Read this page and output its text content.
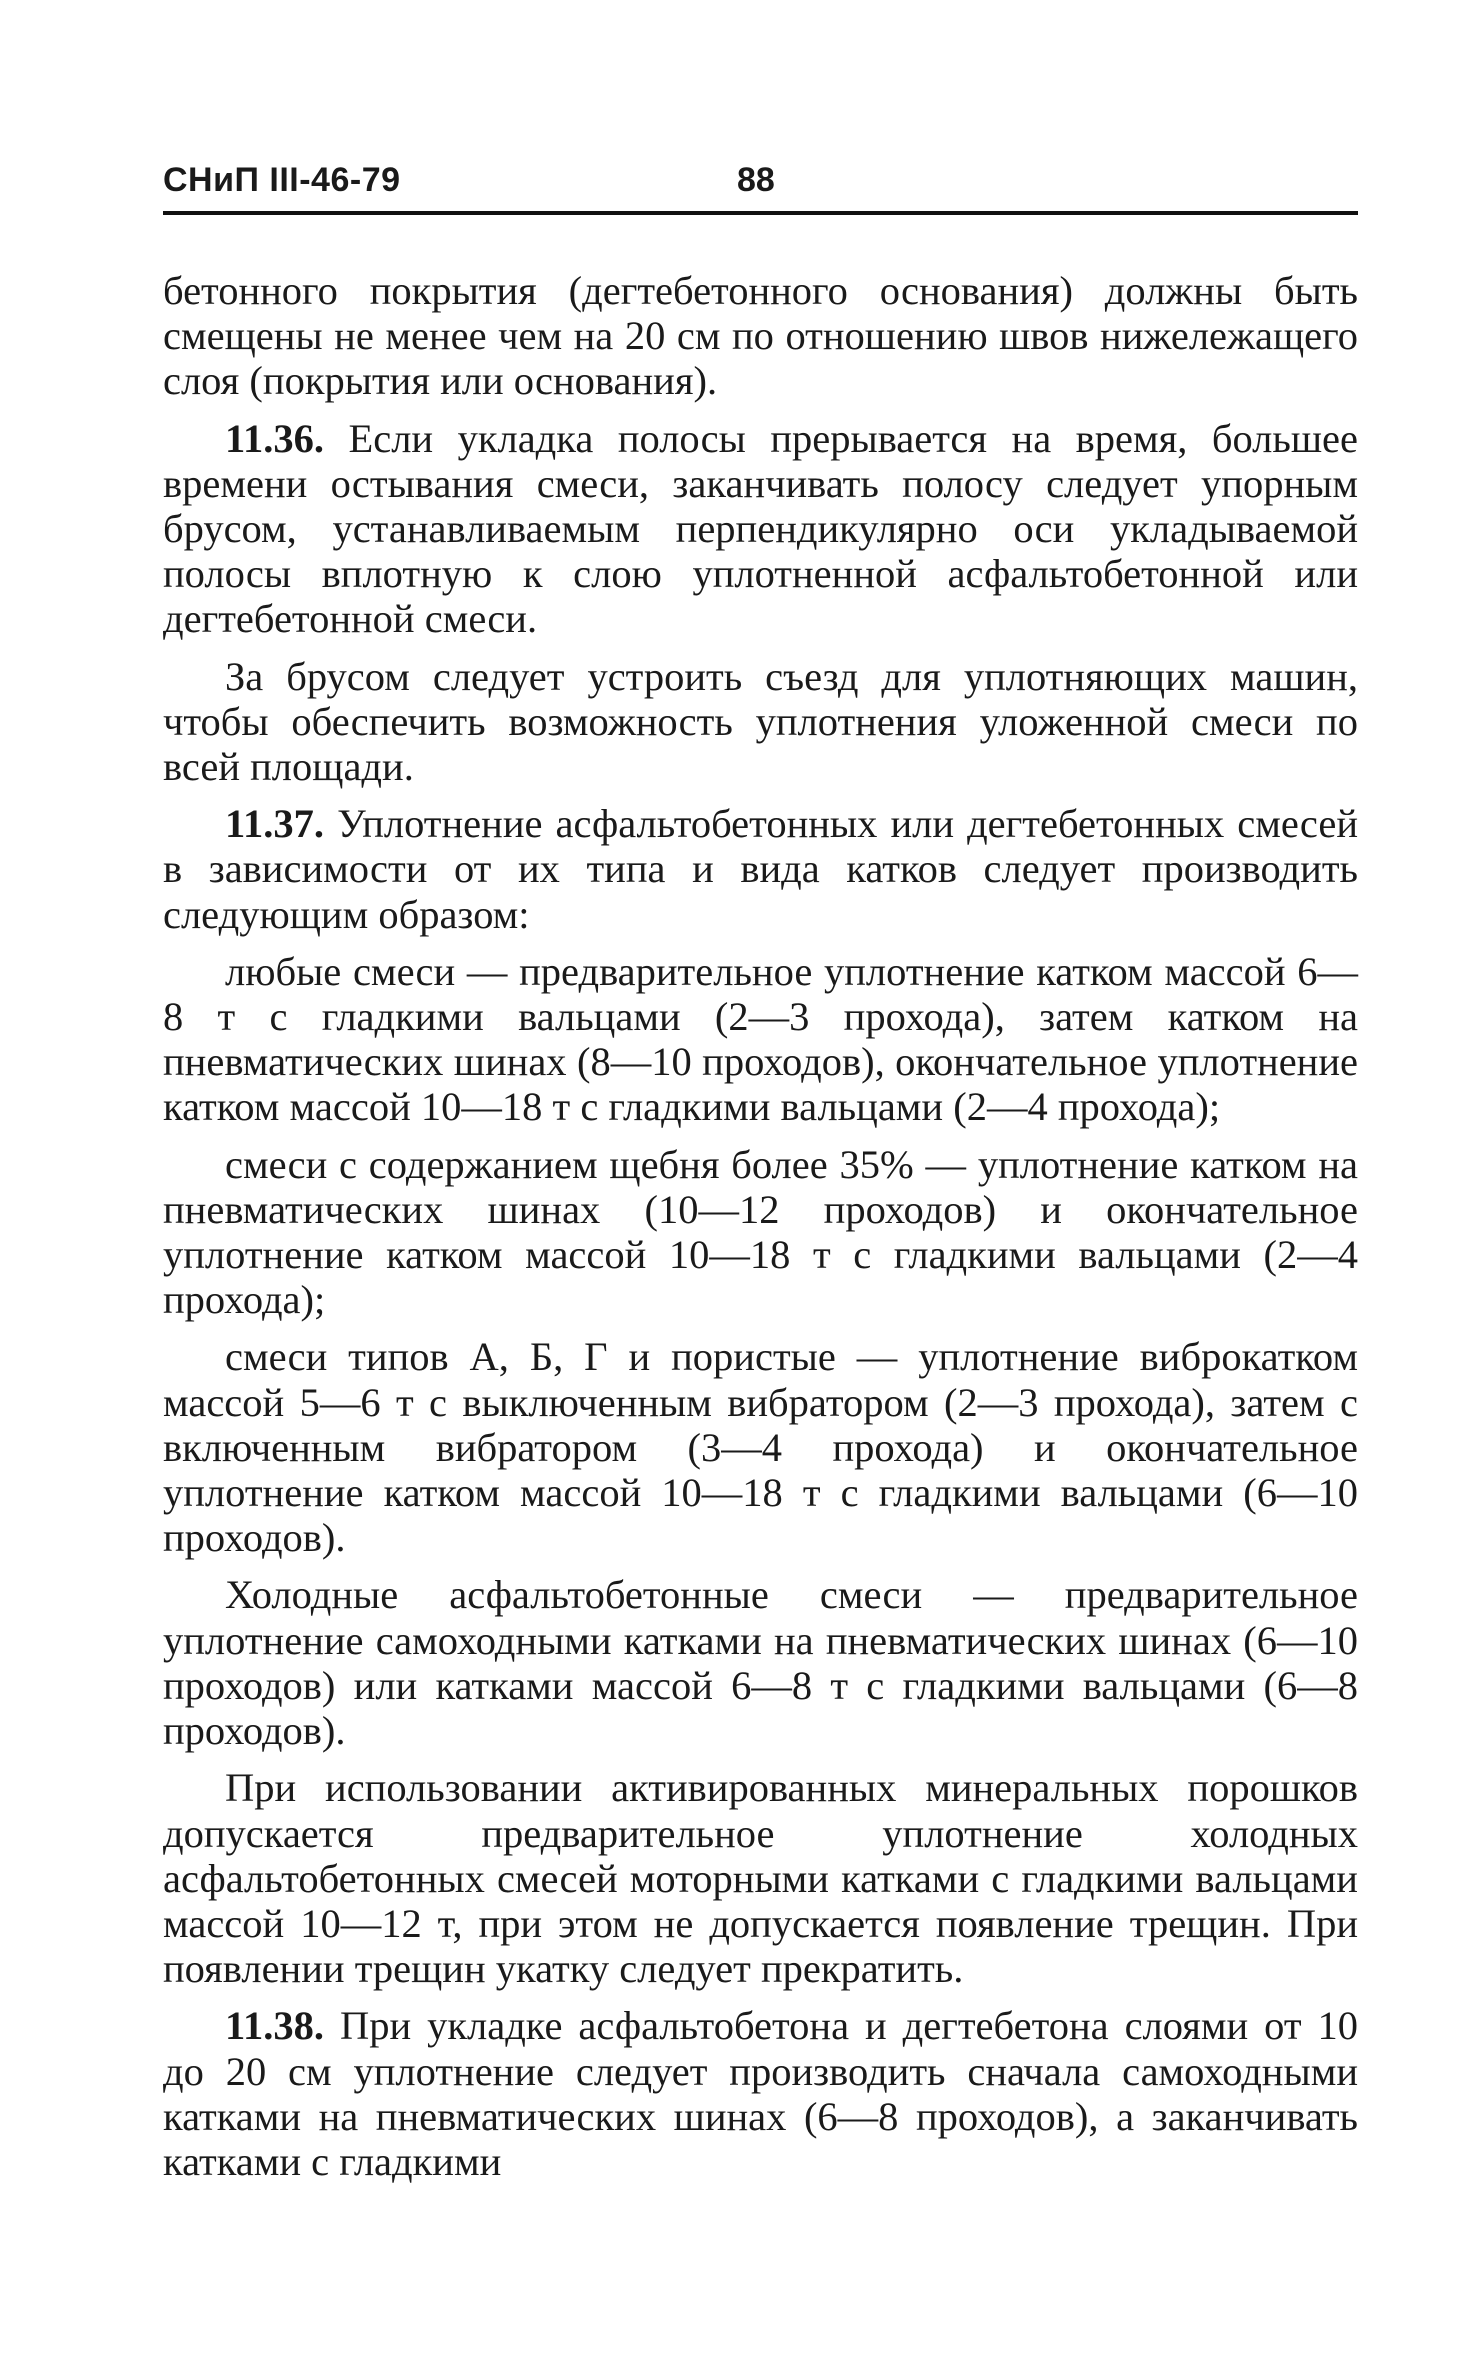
СНиП III-46-79	88

бетонного покрытия (дегтебетонного основания) должны быть смещены не менее чем на 20 см по отношению швов нижележащего слоя (покрытия или основания).

11.36. Если укладка полосы прерывается на время, большее времени остывания смеси, заканчивать полосу следует упорным брусом, устанавливаемым перпендикулярно оси укладываемой полосы вплотную к слою уплотненной асфальтобетонной или дегтебетонной смеси.

За брусом следует устроить съезд для уплотняющих машин, чтобы обеспечить возможность уплотнения уложенной смеси по всей площади.

11.37. Уплотнение асфальтобетонных или дегтебетонных смесей в зависимости от их типа и вида катков следует производить следующим образом:

любые смеси — предварительное уплотнение катком массой 6—8 т с гладкими вальцами (2—3 прохода), затем катком на пневматических шинах (8—10 проходов), окончательное уплотнение катком массой 10—18 т с гладкими вальцами (2—4 прохода);

смеси с содержанием щебня более 35% — уплотнение катком на пневматических шинах (10—12 проходов) и окончательное уплотнение катком массой 10—18 т с гладкими вальцами (2—4 прохода);

смеси типов А, Б, Г и пористые — уплотнение виброкатком массой 5—6 т с выключенным вибратором (2—3 прохода), затем с включенным вибратором (3—4 прохода) и окончательное уплотнение катком массой 10—18 т с гладкими вальцами (6—10 проходов).

Холодные асфальтобетонные смеси — предварительное уплотнение самоходными катками на пневматических шинах (6—10 проходов) или катками массой 6—8 т с гладкими вальцами (6—8 проходов).

При использовании активированных минеральных порошков допускается предварительное уплотнение холодных асфальтобетонных смесей моторными катками с гладкими вальцами массой 10—12 т, при этом не допускается появление трещин. При появлении трещин укатку следует прекратить.

11.38. При укладке асфальтобетона и дегтебетона слоями от 10 до 20 см уплотнение следует производить сначала самоходными катками на пневматических шинах (6—8 проходов), а заканчивать катками с гладкими
